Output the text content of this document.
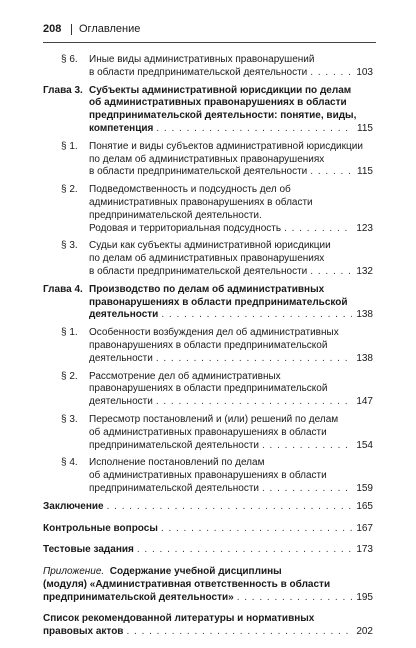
208 Оглавление
§ 6. Иные виды административных правонарушений
в области предпринимательской деятельности . . .	103
Глава 3. Субъекты административной юрисдикции по делам
об административных правонарушениях в области
предпринимательской деятельности: понятие, виды,
компетенция . . .	115
§ 1. Понятие и виды субъектов административной юрисдикции
по делам об административных правонарушениях
в области предпринимательской деятельности . . .	115
§ 2. Подведомственность и подсудность дел об
административных правонарушениях в области
предпринимательской деятельности.
Родовая и территориальная подсудность . . .	123
§ 3. Судьи как субъекты административной юрисдикции
по делам об административных правонарушениях
в области предпринимательской деятельности . . .	132
Глава 4. Производство по делам об административных
правонарушениях в области предпринимательской
деятельности . . .	138
§ 1. Особенности возбуждения дел об административных
правонарушениях в области предпринимательской
деятельности . . .	138
§ 2. Рассмотрение дел об административных
правонарушениях в области предпринимательской
деятельности . . .	147
§ 3. Пересмотр постановлений и (или) решений по делам
об административных правонарушениях в области
предпринимательской деятельности . . .	154
§ 4. Исполнение постановлений по делам
об административных правонарушениях в области
предпринимательской деятельности . . .	159
Заключение . . .	165
Контрольные вопросы . . .	167
Тестовые задания . . .	173
Приложение. Содержание учебной дисциплины
(модуля) «Административная ответственность в области
предпринимательской деятельности» . . .	195
Список рекомендованной литературы и нормативных
правовых актов . . .	202
